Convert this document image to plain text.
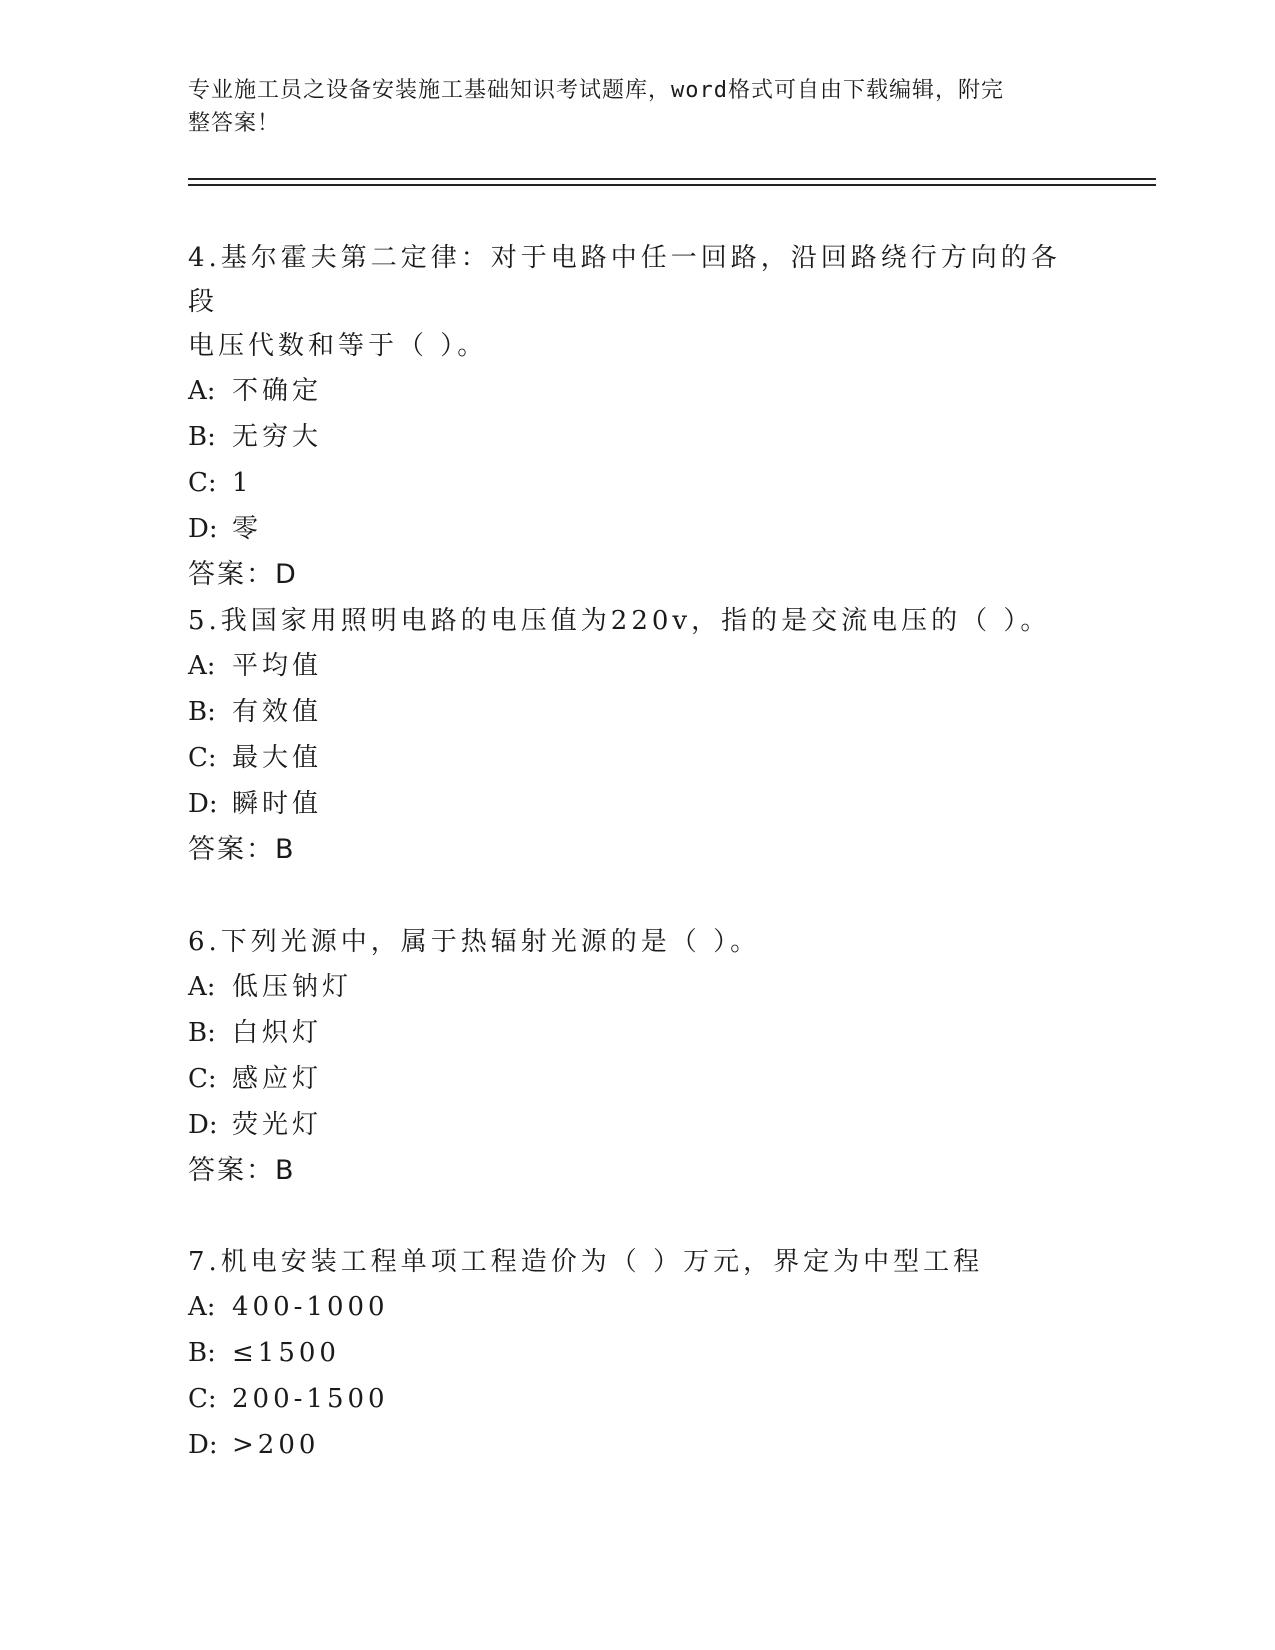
专业施工员之设备安装施工基础知识考试题库，word格式可自由下载编辑，附完
整答案！

4.基尔霍夫第二定律：对于电路中任一回路，沿回路绕行方向的各段

电压代数和等于（ ）。

A: 不确定
B: 无穷大
C: 1
D: 零

答案：D

5.我国家用照明电路的电压值为220v，指的是交流电压的（ ）。

A: 平均值
B: 有效值
C: 最大值
D: 瞬时值

答案：B

6.下列光源中，属于热辐射光源的是（ ）。

A: 低压钠灯
B: 白炽灯
C: 感应灯
D: 荧光灯

答案：B

7.机电安装工程单项工程造价为（ ）万元，界定为中型工程

A: 400-1000
B: ≤1500
C: 200-1500
D: >200
